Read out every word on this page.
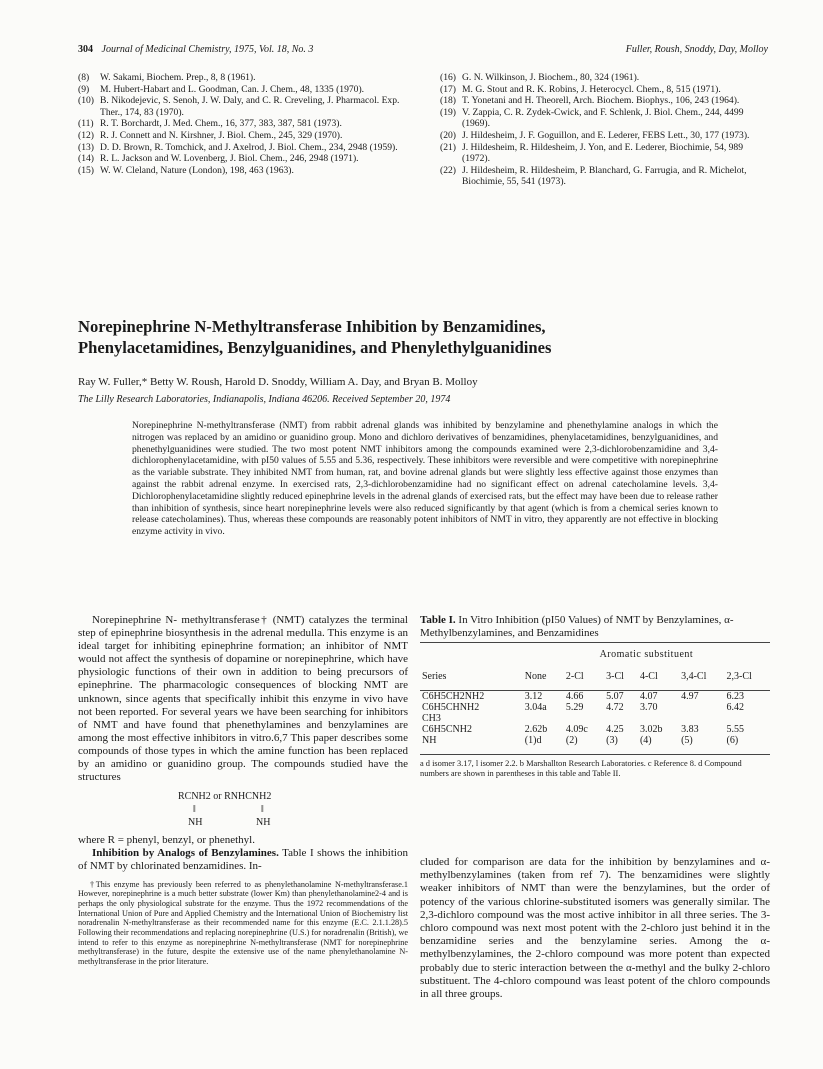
304 Journal of Medicinal Chemistry, 1975, Vol. 18, No. 3	Fuller, Roush, Snoddy, Day, Molloy
(8)	W. Sakami, Biochem. Prep., 8, 8 (1961).
(9)	M. Hubert-Habart and L. Goodman, Can. J. Chem., 48, 1335 (1970).
(10) B. Nikodejevic, S. Senoh, J. W. Daly, and C. R. Creveling, J. Pharmacol. Exp. Ther., 174, 83 (1970).
(11) R. T. Borchardt, J. Med. Chem., 16, 377, 383, 387, 581 (1973).
(12) R. J. Connett and N. Kirshner, J. Biol. Chem., 245, 329 (1970).
(13) D. D. Brown, R. Tomchick, and J. Axelrod, J. Biol. Chem., 234, 2948 (1959).
(14) R. L. Jackson and W. Lovenberg, J. Biol. Chem., 246, 2948 (1971).
(15) W. W. Cleland, Nature (London), 198, 463 (1963).
(16) G. N. Wilkinson, J. Biochem., 80, 324 (1961).
(17) M. G. Stout and R. K. Robins, J. Heterocycl. Chem., 8, 515 (1971).
(18) T. Yonetani and H. Theorell, Arch. Biochem. Biophys., 106, 243 (1964).
(19) V. Zappia, C. R. Zydek-Cwick, and F. Schlenk, J. Biol. Chem., 244, 4499 (1969).
(20) J. Hildesheim, J. F. Goguillon, and E. Lederer, FEBS Lett., 30, 177 (1973).
(21) J. Hildesheim, R. Hildesheim, J. Yon, and E. Lederer, Biochimie, 54, 989 (1972).
(22) J. Hildesheim, R. Hildesheim, P. Blanchard, G. Farrugia, and R. Michelot, Biochimie, 55, 541 (1973).
Norepinephrine N-Methyltransferase Inhibition by Benzamidines,
Phenylacetamidines, Benzylguanidines, and Phenylethylguanidines
Ray W. Fuller,* Betty W. Roush, Harold D. Snoddy, William A. Day, and Bryan B. Molloy
The Lilly Research Laboratories, Indianapolis, Indiana 46206. Received September 20, 1974
Norepinephrine N-methyltransferase (NMT) from rabbit adrenal glands was inhibited by benzylamine and phenethylamine analogs in which the nitrogen was replaced by an amidino or guanidino group. Mono and dichloro derivatives of benzamidines, phenylacetamidines, benzylguanidines, and phenethylguanidines were studied. The two most potent NMT inhibitors among the compounds examined were 2,3-dichlorobenzamidine and 3,4-dichlorophenylacetamidine, with pI50 values of 5.55 and 5.36, respectively. These inhibitors were reversible and were competitive with norepinephrine as the variable substrate. They inhibited NMT from human, rat, and bovine adrenal glands but were slightly less effective against those enzymes than against the rabbit adrenal enzyme. In exercised rats, 2,3-dichlorobenzamidine had no significant effect on adrenal catecholamine levels. 3,4-Dichlorophenylacetamidine slightly reduced epinephrine levels in the adrenal glands of exercised rats, but the effect may have been due to release rather than inhibition of synthesis, since heart norepinephrine levels were also reduced significantly by that agent (which is from a chemical series known to release catecholamines). Thus, whereas these compounds are reasonably potent inhibitors of NMT in vitro, they apparently are not effective in blocking enzyme activity in vivo.

Norepinephrine N- methyltransferase† (NMT) catalyzes the terminal step of epinephrine biosynthesis in the adrenal medulla. This enzyme is an ideal target for inhibiting epinephrine formation; an inhibitor of NMT would not affect the synthesis of dopamine or norepinephrine, which have physiologic functions of their own in addition to being precursors of epinephrine. The pharmacologic consequences of blocking NMT are unknown, since agents that specifically inhibit this enzyme in vivo have not been reported. For several years we have been searching for inhibitors of NMT and have found that phenethylamines and benzylamines are among the most effective inhibitors in vitro.6,7 This paper describes some compounds of those types in which the amine function has been replaced by an amidino or guanidino group. The compounds studied have the structures

RCNH2 or RNHCNH2
‖	‖
NH	NH

where R = phenyl, benzyl, or phenethyl.

Inhibition by Analogs of Benzylamines. Table I shows the inhibition of NMT by chlorinated benzamidines. In-

†This enzyme has previously been referred to as phenylethanolamine N-methyltransferase.1 However, norepinephrine is a much better substrate (lower Km) than phenylethanolamine2-4 and is perhaps the only physiological substrate for the enzyme. Thus the 1972 recommendations of the International Union of Pure and Applied Chemistry and the International Union of Biochemistry list noradrenalin N-methyltransferase as their recommended name for this enzyme (E.C. 2.1.1.28).5 Following their recommendations and replacing norepinephrine (U.S.) for noradrenalin (British), we intend to refer to this enzyme as norepinephrine N-methyltransferase (NMT for norepinephrine methyltransferase) in the future, despite the extensive use of the name phenylethanolamine N-methyltransferase in the prior literature.
Table I. In Vitro Inhibition (pI50 Values) of NMT by Benzylamines, α-Methylbenzylamines, and Benzamidines
	Aromatic substituent					
Series	None	2-Cl	3-Cl	4-Cl	3,4-Cl	2,3-Cl
C6H5CH2NH2	3.12	4.66	5.07	4.07	4.97	6.23
C6H5CHNH2	3.04a	5.29	4.72	3.70		6.42
CH3						
C6H5CNH2	2.62b	4.09c	4.25	3.02b	3.83	5.55
NH	(1)d	(2)	(3)	(4)	(5)	(6)
a d isomer 3.17, l isomer 2.2. b Marshallton Research Laboratories. c Reference 8. d Compound numbers are shown in parentheses in this table and Table II.
cluded for comparison are data for the inhibition by benzylamines and α-methylbenzylamines (taken from ref 7). The benzamidines were slightly weaker inhibitors of NMT than were the benzylamines, but the order of potency of the various chlorine-substituted isomers was generally similar. The 2,3-dichloro compound was the most active inhibitor in all three series. The 3-chloro compound was next most potent with the 2-chloro just behind it in the benzamidine series and the benzylamine series. Among the α-methylbenzylamines, the 2-chloro compound was more potent than expected probably due to steric interaction between the α-methyl and the bulky 2-chloro substituent. The 4-chloro compound was least potent of the chloro compounds in all three groups.
